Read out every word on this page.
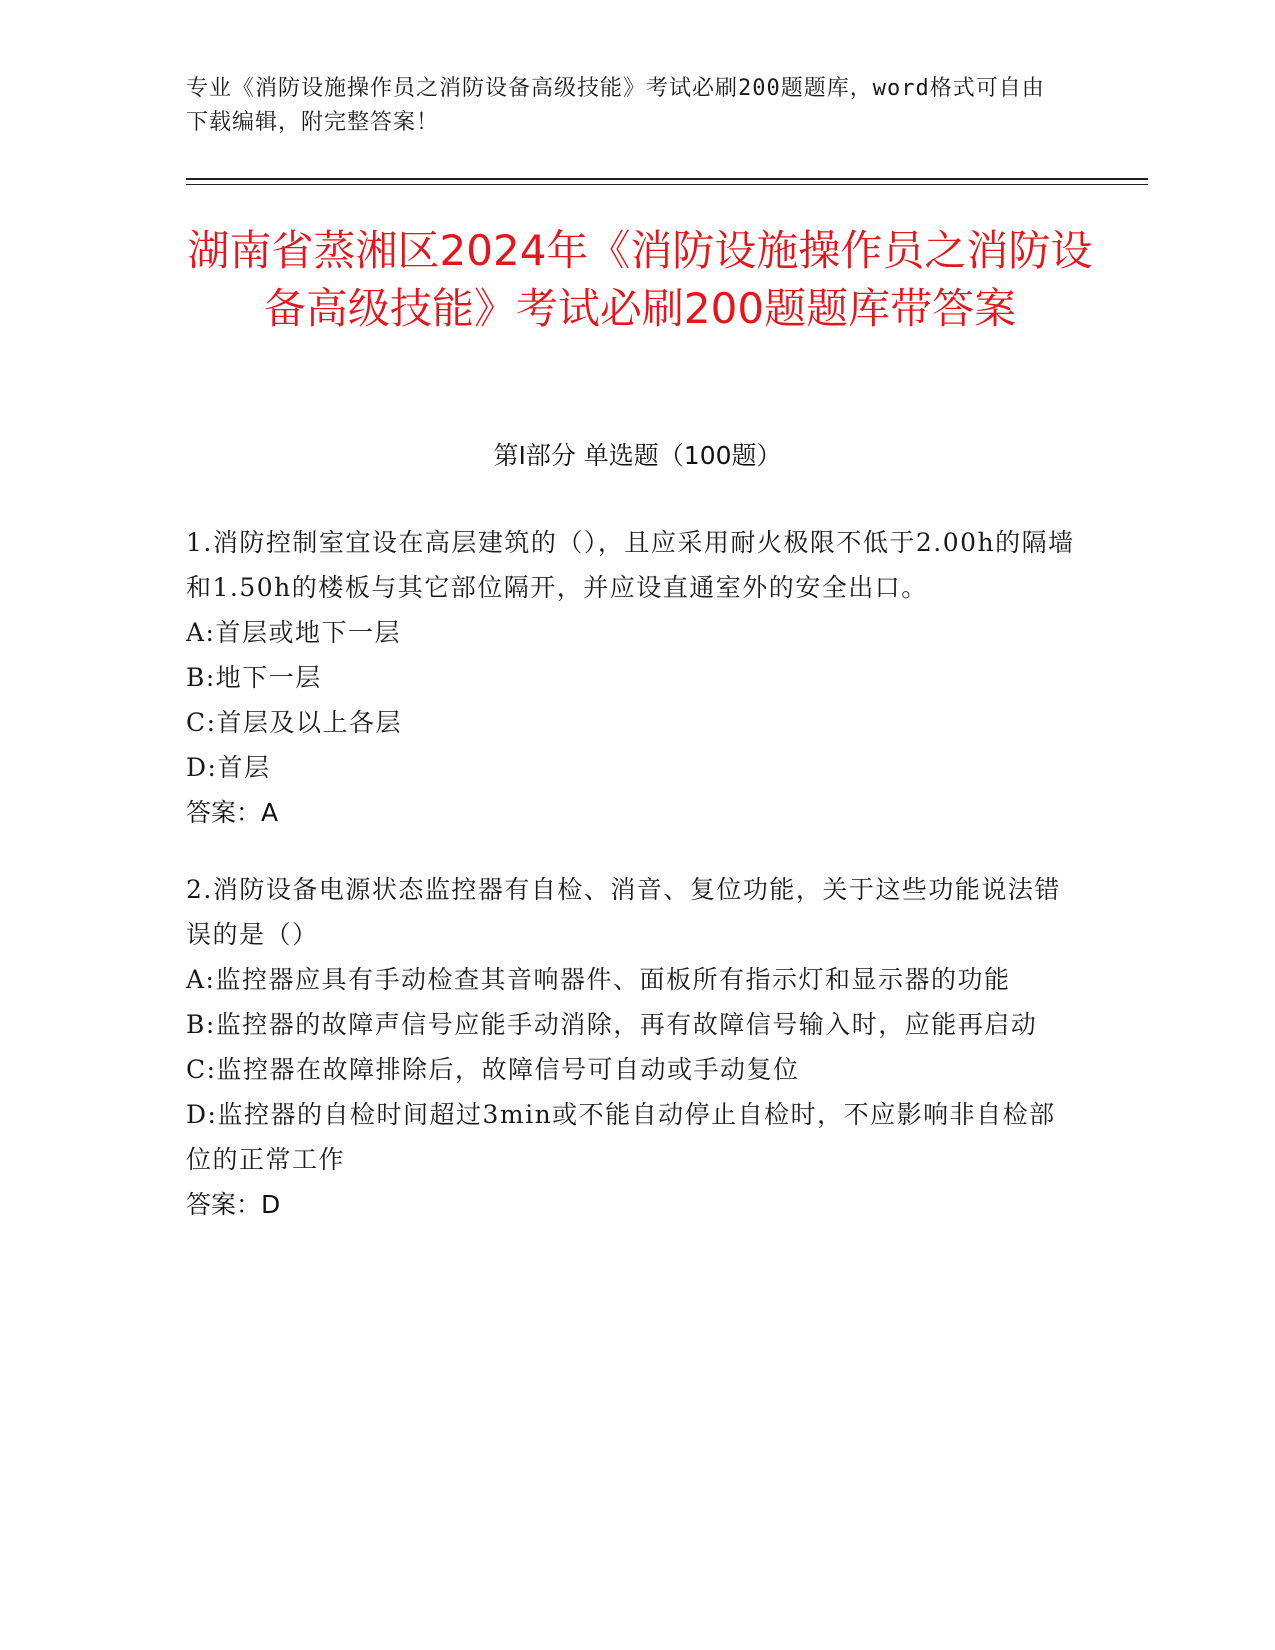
专业《消防设施操作员之消防设备高级技能》考试必刷200题题库，word格式可自由下载编辑，附完整答案！
湖南省蒸湘区2024年《消防设施操作员之消防设备高级技能》考试必刷200题题库带答案
第Ⅰ部分 单选题（100题）
1.消防控制室宜设在高层建筑的（），且应采用耐火极限不低于2.00h的隔墙和1.50h的楼板与其它部位隔开，并应设直通室外的安全出口。
A:首层或地下一层
B:地下一层
C:首层及以上各层
D:首层
答案：A
2.消防设备电源状态监控器有自检、消音、复位功能，关于这些功能说法错误的是（）
A:监控器应具有手动检查其音响器件、面板所有指示灯和显示器的功能
B:监控器的故障声信号应能手动消除，再有故障信号输入时，应能再启动
C:监控器在故障排除后，故障信号可自动或手动复位
D:监控器的自检时间超过3min或不能自动停止自检时，不应影响非自检部位的正常工作
答案：D
